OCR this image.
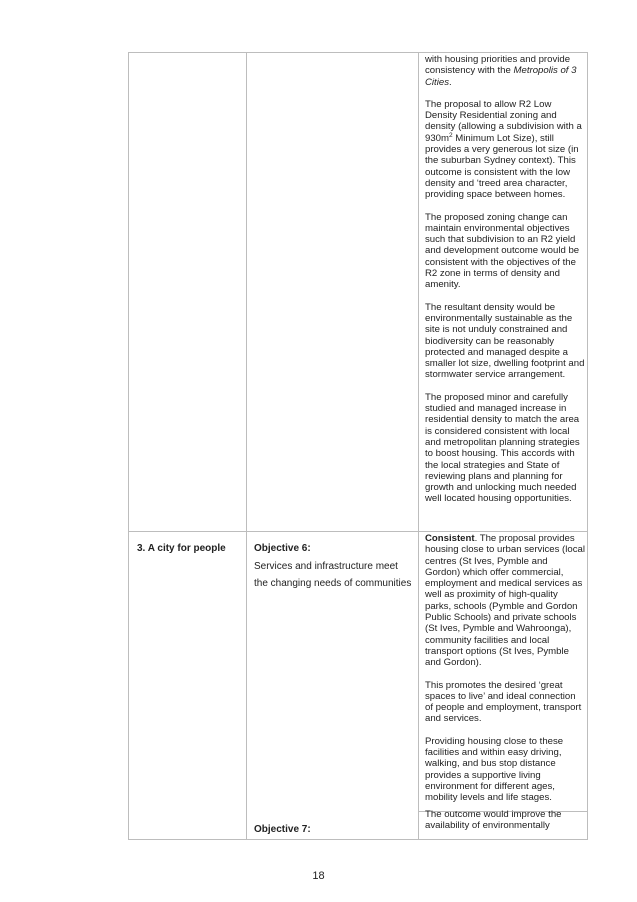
with housing priorities and provide consistency with the Metropolis of 3 Cities.

The proposal to allow R2 Low Density Residential zoning and density (allowing a subdivision with a $930m^2$ Minimum Lot Size), still provides a very generous lot size (in the suburban Sydney context). This outcome is consistent with the low density and ‘treed area character, providing space between homes.

The proposed zoning change can maintain environmental objectives such that subdivision to an R2 yield and development outcome would be consistent with the objectives of the R2 zone in terms of density and amenity.

The resultant density would be environmentally sustainable as the site is not unduly constrained and biodiversity can be reasonably protected and managed despite a smaller lot size, dwelling footprint and stormwater service arrangement.

The proposed minor and carefully studied and managed increase in residential density to match the area is considered consistent with local and metropolitan planning strategies to boost housing. This accords with the local strategies and State of reviewing plans and planning for growth and unlocking much needed well located housing opportunities.

3. A city for people	Objective 6:
Services and infrastructure meet the changing needs of communities

Consistent. The proposal provides housing close to urban services (local centres (St Ives, Pymble and Gordon) which offer commercial, employment and medical services as well as proximity of high-quality parks, schools (Pymble and Gordon Public Schools) and private schools (St Ives, Pymble and Wahroonga), community facilities and local transport options (St Ives, Pymble and Gordon).

This promotes the desired ‘great spaces to live’ and ideal connection of people and employment, transport and services.

Providing housing close to these facilities and within easy driving, walking, and bus stop distance provides a supportive living environment for different ages, mobility levels and life stages.

Objective 7:
The outcome would improve the availability of environmentally
18
